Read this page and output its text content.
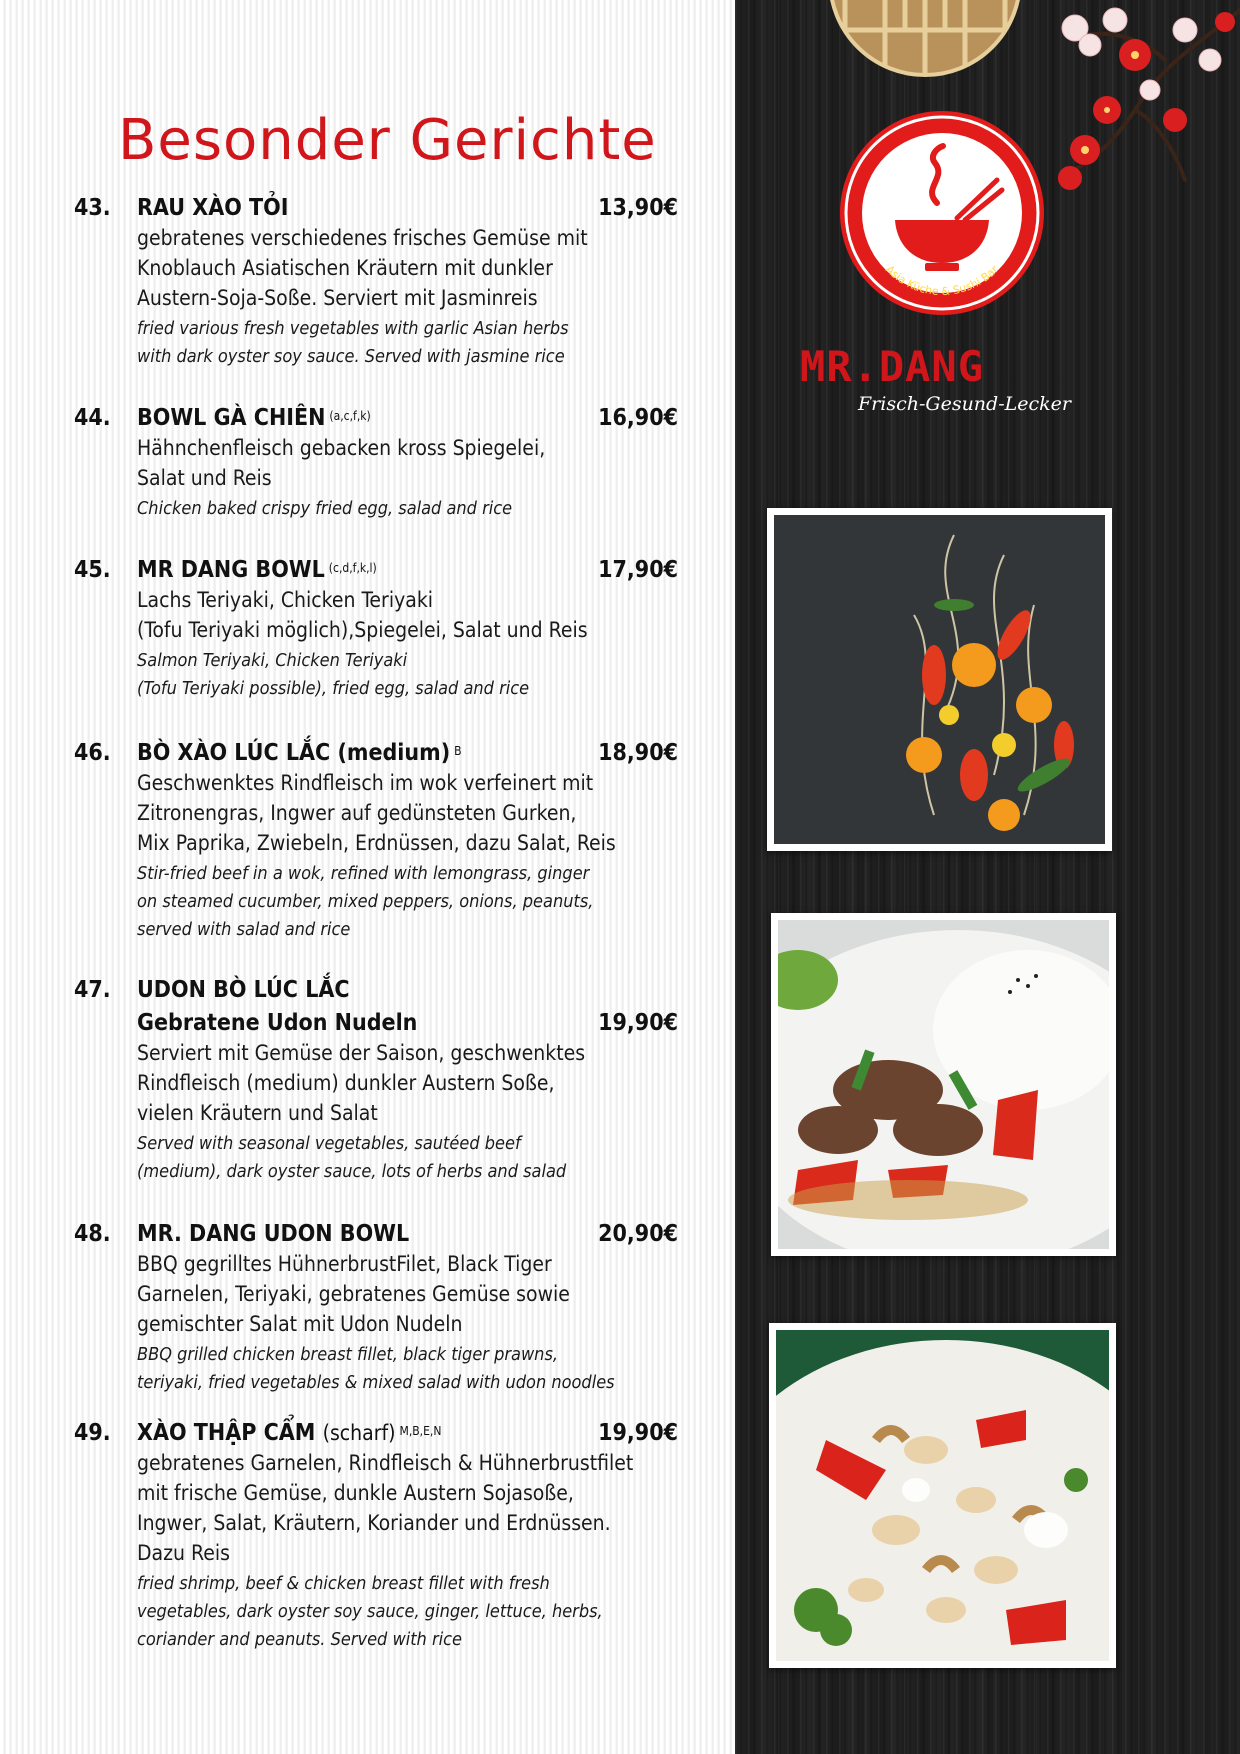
Besonder Gerichte
43. RAU XÀO TỎI	13,90€
gebratenes verschiedenes frisches Gemüse mit
Knoblauch Asiatischen Kräutern mit dunkler
Austern-Soja-Soße. Serviert mit Jasminreis
fried various fresh vegetables with garlic Asian herbs
with dark oyster soy sauce. Served with jasmine rice
44. BOWL GÀ CHIÊN $^{(a,c,f,k)}$	16,90€
Hähnchenfleisch gebacken kross Spiegelei,
Salat und Reis
Chicken baked crispy fried egg, salad and rice
45. MR DANG BOWL $^{(c,d,f,k,l)}$	17,90€
Lachs Teriyaki, Chicken Teriyaki
(Tofu Teriyaki möglich),Spiegelei, Salat und Reis
Salmon Teriyaki, Chicken Teriyaki
(Tofu Teriyaki possible), fried egg, salad and rice
46. BÒ XÀO LÚC LẮC (medium) $^B$	18,90€
Geschwenktes Rindfleisch im wok verfeinert mit
Zitronengras, Ingwer auf gedünsteten Gurken,
Mix Paprika, Zwiebeln, Erdnüssen, dazu Salat, Reis
Stir-fried beef in a wok, refined with lemongrass, ginger
on steamed cucumber, mixed peppers, onions, peanuts,
served with salad and rice
47. UDON BÒ LÚC LẮC
Gebratene Udon Nudeln	19,90€
Serviert mit Gemüse der Saison, geschwenktes
Rindfleisch (medium) dunkler Austern Soße,
vielen Kräutern und Salat
Served with seasonal vegetables, sautéed beef
(medium), dark oyster sauce, lots of herbs and salad
48. MR. DANG UDON BOWL	20,90€
BBQ gegrilltes HühnerbrustFilet, Black Tiger
Garnelen, Teriyaki, gebratenes Gemüse sowie
gemischter Salat mit Udon Nudeln
BBQ grilled chicken breast fillet, black tiger prawns,
teriyaki, fried vegetables & mixed salad with udon noodles
49. XÀO THẬP CẨM (scharf) $^{M,B,E,N}$	19,90€
gebratenes Garnelen, Rindfleisch & Hühnerbrustfilet
mit frische Gemüse, dunkle Austern Sojasoße,
Ingwer, Salat, Kräutern, Koriander und Erdnüssen.
Dazu Reis
fried shrimp, beef & chicken breast fillet with fresh
vegetables, dark oyster soy sauce, ginger, lettuce, herbs,
coriander and peanuts. Served with rice
MR. DANG
Asia Küche & Sushi Bar
MR.DANG
Frisch-Gesund-Lecker
